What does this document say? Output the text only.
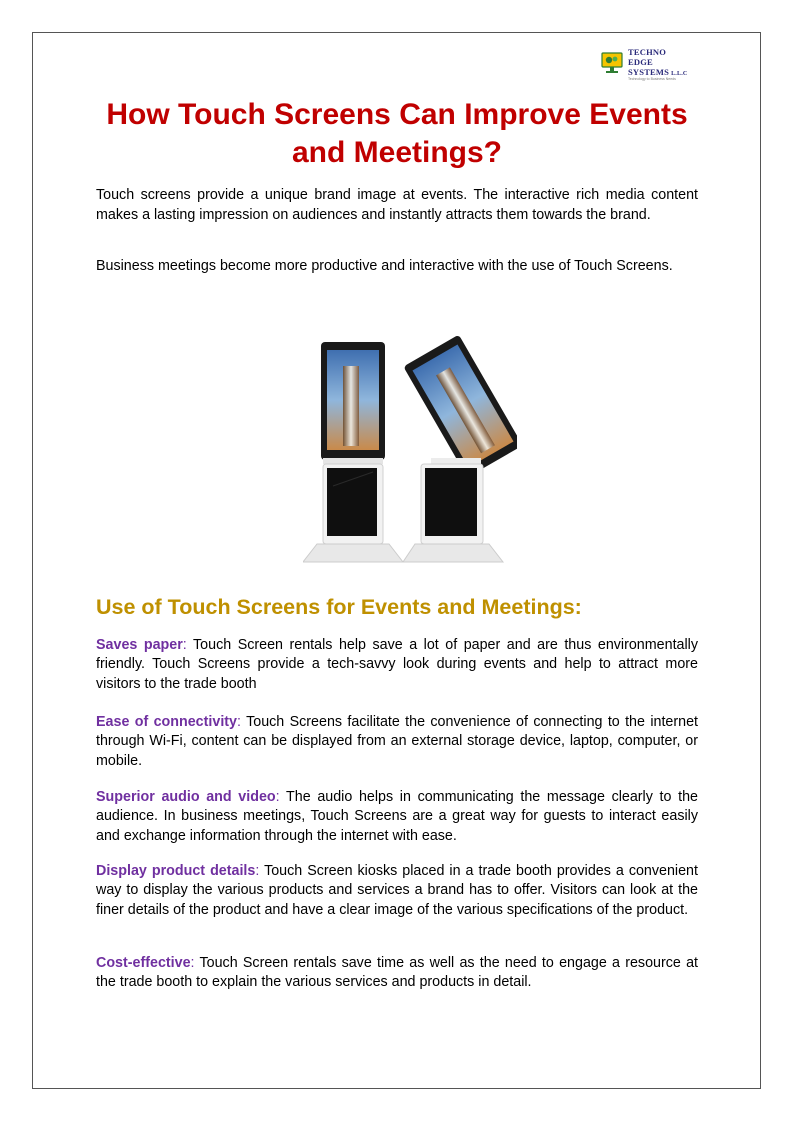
TECHNO
EDGE
SYSTEMS L.L.C
Technology to Business Needs
How Touch Screens Can Improve Events and Meetings?

Touch screens provide a unique brand image at events. The interactive rich media content makes a lasting impression on audiences and instantly attracts them towards the brand.

Business meetings become more productive and interactive with the use of Touch Screens.

Use of Touch Screens for Events and Meetings:

Saves paper: Touch Screen rentals help save a lot of paper and are thus environmentally friendly. Touch Screens provide a tech-savvy look during events and help to attract more visitors to the trade booth

Ease of connectivity: Touch Screens facilitate the convenience of connecting to the internet through Wi-Fi, content can be displayed from an external storage device, laptop, computer, or mobile.

Superior audio and video: The audio helps in communicating the message clearly to the audience. In business meetings, Touch Screens are a great way for guests to interact easily and exchange information through the internet with ease.

Display product details: Touch Screen kiosks placed in a trade booth provides a convenient way to display the various products and services a brand has to offer. Visitors can look at the finer details of the product and have a clear image of the various specifications of the product.

Cost-effective: Touch Screen rentals save time as well as the need to engage a resource at the trade booth to explain the various services and products in detail.
